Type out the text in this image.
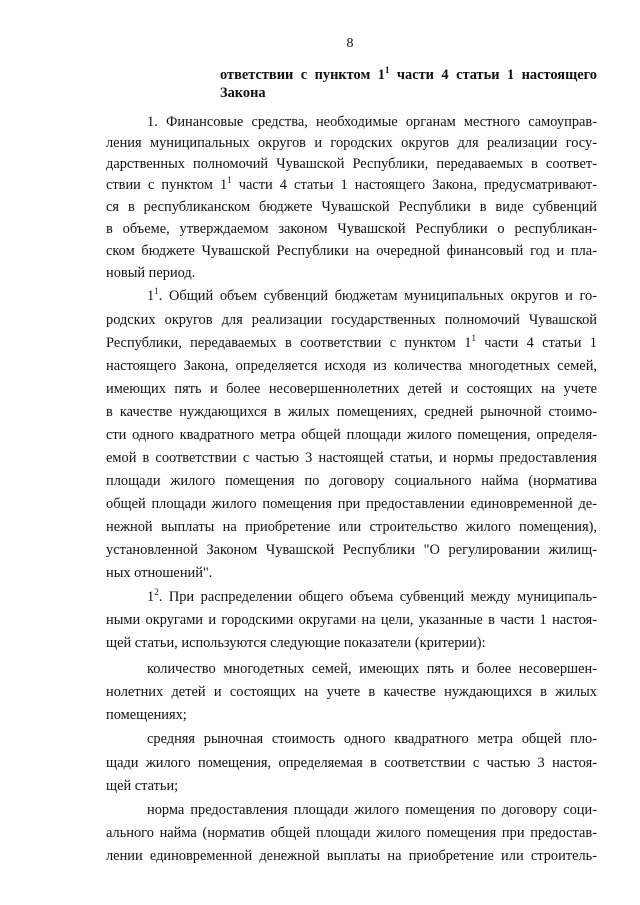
8
ответствии с пунктом $1^1$ части 4 статьи 1 настоящего
Закона
1. Финансовые средства, необходимые органам местного самоуправ-
ления муниципальных округов и городских округов для реализации госу-
дарственных полномочий Чувашской Республики, передаваемых в соответ-
ствии с пунктом $1^1$ части 4 статьи 1 настоящего Закона, предусматривают-
ся в республиканском бюджете Чувашской Республики в виде субвенций
в объеме, утверждаемом законом Чувашской Республики о республикан-
ском бюджете Чувашской Республики на очередной финансовый год и пла-
новый период.
$1^1$. Общий объем субвенций бюджетам муниципальных округов и го-
родских округов для реализации государственных полномочий Чувашской
Республики, передаваемых в соответствии с пунктом $1^1$ части 4 статьи 1
настоящего Закона, определяется исходя из количества многодетных семей,
имеющих пять и более несовершеннолетних детей и состоящих на учете
в качестве нуждающихся в жилых помещениях, средней рыночной стоимо-
сти одного квадратного метра общей площади жилого помещения, определя-
емой в соответствии с частью 3 настоящей статьи, и нормы предоставления
площади жилого помещения по договору социального найма (норматива
общей площади жилого помещения при предоставлении единовременной де-
нежной выплаты на приобретение или строительство жилого помещения),
установленной Законом Чувашской Республики "О регулировании жилищ-
ных отношений".
$1^2$. При распределении общего объема субвенций между муниципаль-
ными округами и городскими округами на цели, указанные в части 1 настоя-
щей статьи, используются следующие показатели (критерии):
количество многодетных семей, имеющих пять и более несовершен-
нолетних детей и состоящих на учете в качестве нуждающихся в жилых
помещениях;
средняя рыночная стоимость одного квадратного метра общей пло-
щади жилого помещения, определяемая в соответствии с частью 3 настоя-
щей статьи;
норма предоставления площади жилого помещения по договору соци-
ального найма (норматив общей площади жилого помещения при предостав-
лении единовременной денежной выплаты на приобретение или строитель-
